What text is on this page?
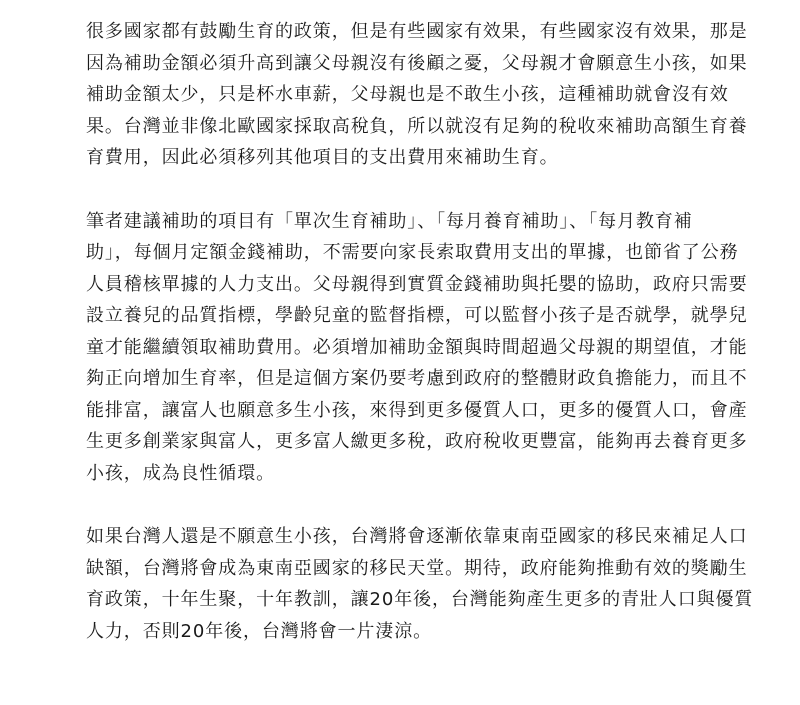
很多國家都有鼓勵生育的政策，但是有些國家有效果，有些國家沒有效果，那是
因為補助金額必須升高到讓父母親沒有後顧之憂，父母親才會願意生小孩，如果
補助金額太少，只是杯水車薪，父母親也是不敢生小孩，這種補助就會沒有效
果。台灣並非像北歐國家採取高稅負，所以就沒有足夠的稅收來補助高額生育養
育費用，因此必須移列其他項目的支出費用來補助生育。

筆者建議補助的項目有「單次生育補助」、「每月養育補助」、「每月教育補
助」，每個月定額金錢補助，不需要向家長索取費用支出的單據，也節省了公務
人員稽核單據的人力支出。父母親得到實質金錢補助與托嬰的協助，政府只需要
設立養兒的品質指標，學齡兒童的監督指標，可以監督小孩子是否就學，就學兒
童才能繼續領取補助費用。必須增加補助金額與時間超過父母親的期望值，才能
夠正向增加生育率，但是這個方案仍要考慮到政府的整體財政負擔能力，而且不
能排富，讓富人也願意多生小孩，來得到更多優質人口，更多的優質人口，會產
生更多創業家與富人，更多富人繳更多稅，政府稅收更豐富，能夠再去養育更多
小孩，成為良性循環。

如果台灣人還是不願意生小孩，台灣將會逐漸依靠東南亞國家的移民來補足人口
缺額，台灣將會成為東南亞國家的移民天堂。期待，政府能夠推動有效的獎勵生
育政策，十年生聚，十年教訓，讓20年後，台灣能夠產生更多的青壯人口與優質
人力，否則20年後，台灣將會一片淒涼。
